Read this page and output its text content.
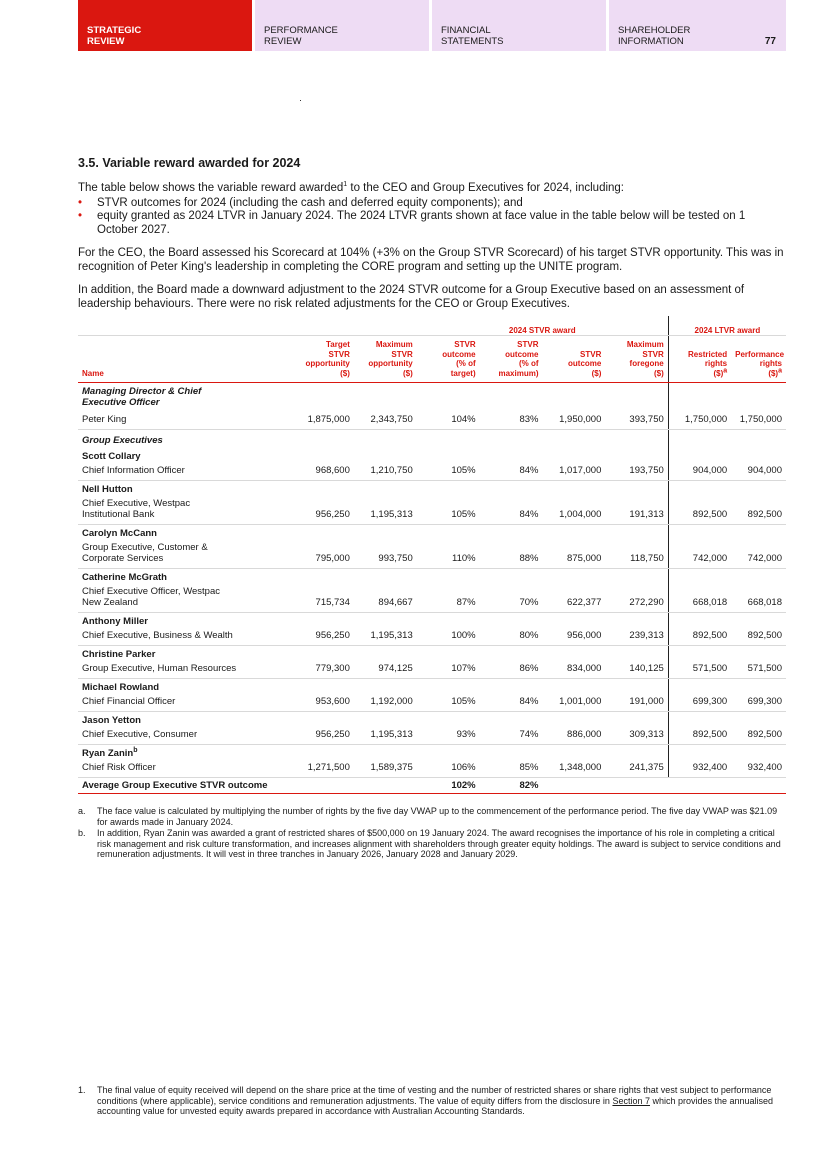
STRATEGIC
REVIEW
PERFORMANCE
REVIEW
FINANCIAL
STATEMENTS
SHAREHOLDER
INFORMATION	77
3.5. Variable reward awarded for 2024

The table below shows the variable reward awarded$^1$ to the CEO and Group Executives for 2024, including:

• STVR outcomes for 2024 (including the cash and deferred equity components); and
• equity granted as 2024 LTVR in January 2024. The 2024 LTVR grants shown at face value in the table below will be tested on 1 October 2027.

For the CEO, the Board assessed his Scorecard at 104% (+3% on the Group STVR Scorecard) of his target STVR opportunity. This was in recognition of Peter King's leadership in completing the CORE program and setting up the UNITE program.

In addition, the Board made a downward adjustment to the 2024 STVR outcome for a Group Executive based on an assessment of leadership behaviours. There were no risk related adjustments for the CEO or Group Executives.

			2024 STVR award				2024 LTVR award	
Name	Target
STVR
opportunity
($)	Maximum
STVR
opportunity
($)	STVR
outcome
(% of
target)	STVR
outcome
(% of
maximum)	STVR
outcome
($)	Maximum
STVR
foregone
($)	Restricted
rights
($)$^a$	Performance
rights
($)$^a$
Managing Director & Chief
Executive Officer								
Peter King	1,875,000	2,343,750	104%	83%	1,950,000	393,750	1,750,000	1,750,000
Group Executives								
Scott Collary								
Chief Information Officer	968,600	1,210,750	105%	84%	1,017,000	193,750	904,000	904,000
Nell Hutton								
Chief Executive, Westpac
Institutional Bank	956,250	1,195,313	105%	84%	1,004,000	191,313	892,500	892,500
Carolyn McCann								
Group Executive, Customer &
Corporate Services	795,000	993,750	110%	88%	875,000	118,750	742,000	742,000
Catherine McGrath								
Chief Executive Officer, Westpac
New Zealand	715,734	894,667	87%	70%	622,377	272,290	668,018	668,018
Anthony Miller								
Chief Executive, Business & Wealth	956,250	1,195,313	100%	80%	956,000	239,313	892,500	892,500
Christine Parker								
Group Executive, Human Resources	779,300	974,125	107%	86%	834,000	140,125	571,500	571,500
Michael Rowland								
Chief Financial Officer	953,600	1,192,000	105%	84%	1,001,000	191,000	699,300	699,300
Jason Yetton								
Chief Executive, Consumer	956,250	1,195,313	93%	74%	886,000	309,313	892,500	892,500
Ryan Zanin$^b$								
Chief Risk Officer	1,271,500	1,589,375	106%	85%	1,348,000	241,375	932,400	932,400
Average Group Executive STVR outcome			102%	82%				
a.	The face value is calculated by multiplying the number of rights by the five day VWAP up to the commencement of the performance period. The five day VWAP was $21.09 for awards made in January 2024.
b.	In addition, Ryan Zanin was awarded a grant of restricted shares of $500,000 on 19 January 2024. The award recognises the importance of his role in completing a critical risk management and risk culture transformation, and increases alignment with shareholders through greater equity holdings. The award is subject to service conditions and remuneration adjustments. It will vest in three tranches in January 2026, January 2028 and January 2029.
1.	The final value of equity received will depend on the share price at the time of vesting and the number of restricted shares or share rights that vest subject to performance conditions (where applicable), service conditions and remuneration adjustments. The value of equity differs from the disclosure in Section 7 which provides the annualised accounting value for unvested equity awards prepared in accordance with Australian Accounting Standards.
